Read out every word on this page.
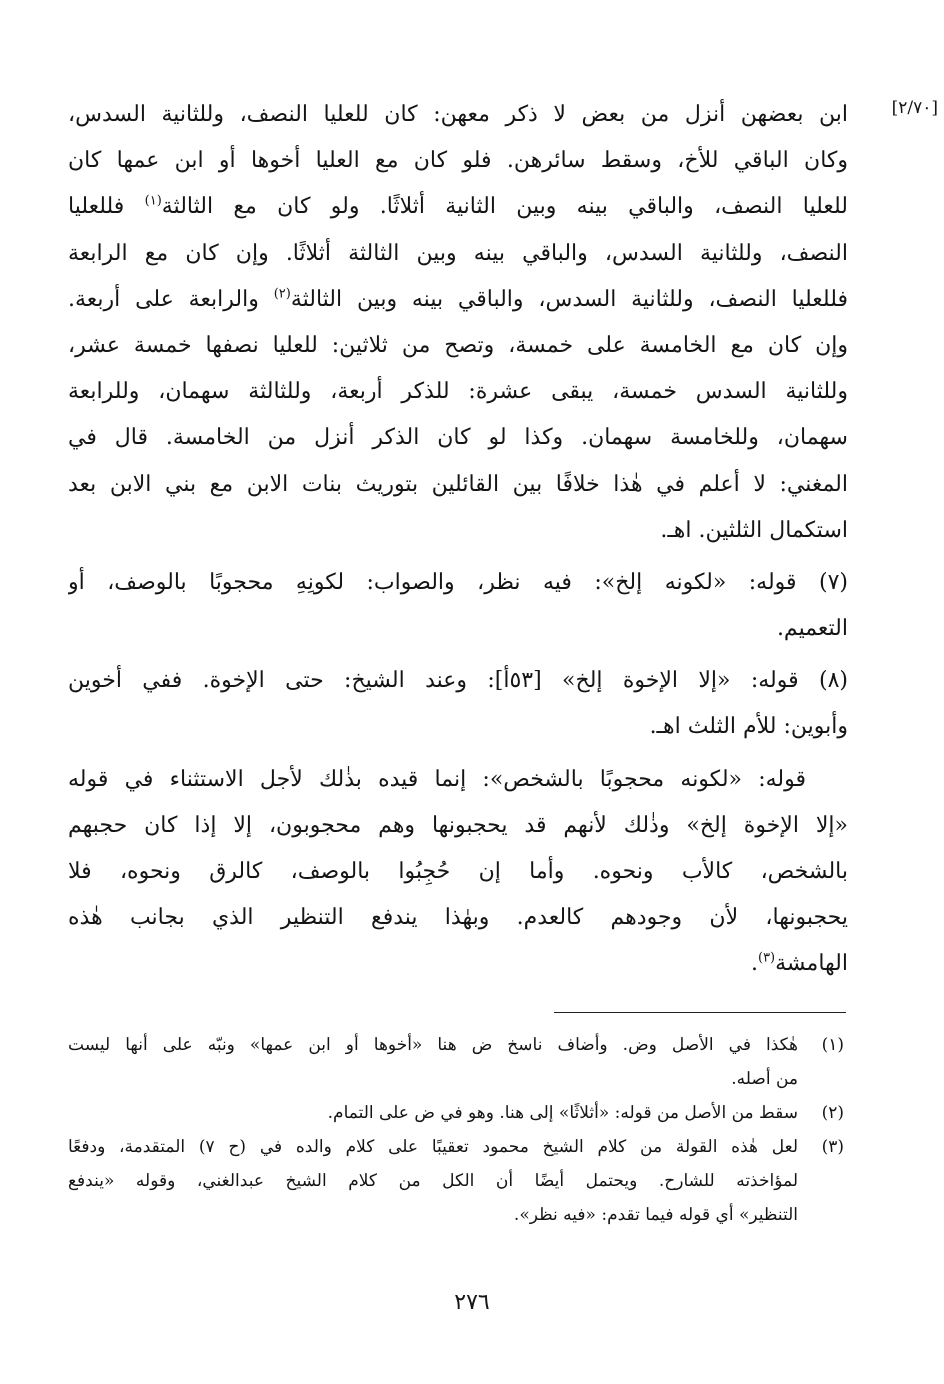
[٢/٧٠]
ابن بعضهن أنزل من بعض لا ذكر معهن: كان للعليا النصف، وللثانية السدس،
وكان الباقي للأخ، وسقط سائرهن. فلو كان مع العليا أخوها أو ابن عمها كان
للعليا النصف، والباقي بينه وبين الثانية أثلاثًا. ولو كان مع الثالثة$^{(١)}$ فللعليا
النصف، وللثانية السدس، والباقي بينه وبين الثالثة أثلاثًا. وإن كان مع الرابعة
فللعليا النصف، وللثانية السدس، والباقي بينه وبين الثالثة$^{(٢)}$ والرابعة على أربعة.
وإن كان مع الخامسة على خمسة، وتصح من ثلاثين: للعليا نصفها خمسة عشر،
وللثانية السدس خمسة، يبقى عشرة: للذكر أربعة، وللثالثة سهمان، وللرابعة
سهمان، وللخامسة سهمان. وكذا لو كان الذكر أنزل من الخامسة. قال في
المغني: لا أعلم في هٰذا خلافًا بين القائلين بتوريث بنات الابن مع بني الابن بعد
استكمال الثلثين. اهـ.
(٧) قوله: «لكونه إلخ»: فيه نظر، والصواب: لكونِهِ محجوبًا بالوصف، أو
التعميم.
(٨) قوله: «إلا الإخوة إلخ» [٥٣أ]: وعند الشيخ: حتى الإخوة. ففي أخوين
وأبوين: للأم الثلث اهـ.
قوله: «لكونه محجوبًا بالشخص»: إنما قيده بذٰلك لأجل الاستثناء في قوله
«إلا الإخوة إلخ» وذٰلك لأنهم قد يحجبونها وهم محجوبون، إلا إذا كان حجبهم
بالشخص، كالأب ونحوه. وأما إن حُجِبُوا بالوصف، كالرق ونحوه، فلا
يحجبونها، لأن وجودهم كالعدم. وبهٰذا يندفع التنظير الذي بجانب هٰذه
الهامشة$^{(٣)}$.
(١)
هٰكذا في الأصل وض. وأضاف ناسخ ض هنا «أخوها أو ابن عمها» ونبّه على أنها ليست
من أصله.
(٢)
سقط من الأصل من قوله: «أثلاثًا» إلى هنا. وهو في ض على التمام.
(٣)
لعل هٰذه القولة من كلام الشيخ محمود تعقيبًا على كلام والده في (ح ٧) المتقدمة، ودفعًا
لمؤاخذته للشارح. ويحتمل أيضًا أن الكل من كلام الشيخ عبدالغني، وقوله «يندفع
التنظير» أي قوله فيما تقدم: «فيه نظر».
٢٧٦
